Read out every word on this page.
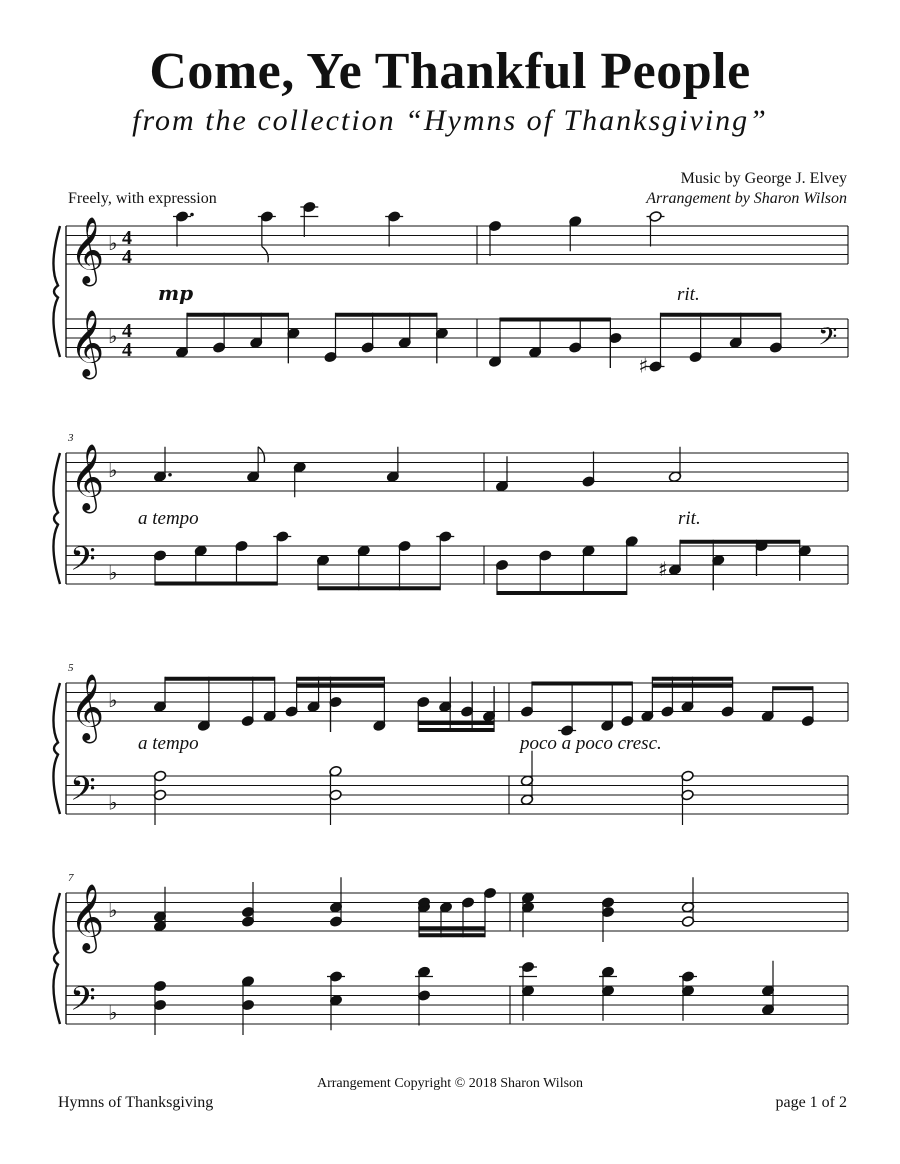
Come, Ye Thankful People
from the collection “Hymns of Thanksgiving”
Music by George J. Elvey
Arrangement by Sharon Wilson
Freely, with expression
𝄞 ♭ 4
4
𝄞 ♭ 4
4	𝄢
♯
mp	rit.
𝄞 ♭
𝄢 ♭
3
♯
a tempo	rit.
𝄞 ♭
𝄢 ♭
5
a tempo	poco a poco cresc.
𝄞 ♭
𝄢 ♭
7
Arrangement Copyright © 2018 Sharon Wilson
Hymns of Thanksgiving	page 1 of 2
